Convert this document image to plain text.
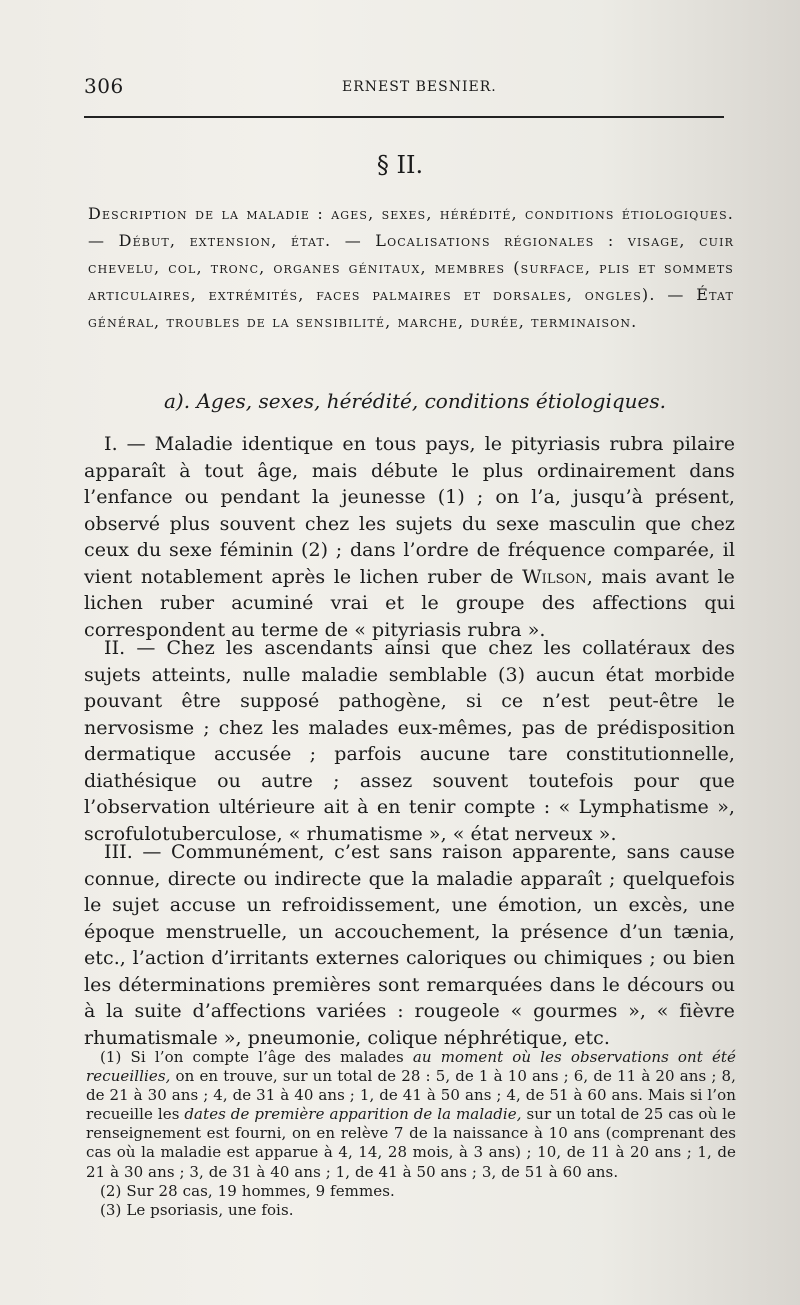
306	ERNEST BESNIER.
§ II.
Description de la maladie : ages, sexes, hérédité, conditions étiologiques. — Début, extension, état. — Localisations régionales : visage, cuir chevelu, col, tronc, organes génitaux, membres (surface, plis et sommets articulaires, extrémités, faces palmaires et dorsales, ongles). — État général, troubles de la sensibilité, marche, durée, terminaison.
a). Ages, sexes, hérédité, conditions étiologiques.
I. — Maladie identique en tous pays, le pityriasis rubra pilaire apparaît à tout âge, mais débute le plus ordinairement dans l’enfance ou pendant la jeunesse (1) ; on l’a, jusqu’à présent, observé plus souvent chez les sujets du sexe masculin que chez ceux du sexe féminin (2) ; dans l’ordre de fréquence comparée, il vient notablement après le lichen ruber de Wilson, mais avant le lichen ruber acuminé vrai et le groupe des affections qui correspondent au terme de « pityriasis rubra ».
II. — Chez les ascendants ainsi que chez les collatéraux des sujets atteints, nulle maladie semblable (3) aucun état morbide pouvant être supposé pathogène, si ce n’est peut-être le nervosisme ; chez les malades eux-mêmes, pas de prédisposition dermatique accusée ; parfois aucune tare constitutionnelle, diathésique ou autre ; assez souvent toutefois pour que l’observation ultérieure ait à en tenir compte : « Lymphatisme », scrofulotuberculose, « rhumatisme », « état nerveux ».
III. — Communément, c’est sans raison apparente, sans cause connue, directe ou indirecte que la maladie apparaît ; quelquefois le sujet accuse un refroidissement, une émotion, un excès, une époque menstruelle, un accouchement, la présence d’un tænia, etc., l’action d’irritants externes caloriques ou chimiques ; ou bien les déterminations premières sont remarquées dans le décours ou à la suite d’affections variées : rougeole « gourmes », « fièvre rhumatismale », pneumonie, colique néphrétique, etc.

(1) Si l’on compte l’âge des malades au moment où les observations ont été recueillies, on en trouve, sur un total de 28 : 5, de 1 à 10 ans ; 6, de 11 à 20 ans ; 8, de 21 à 30 ans ; 4, de 31 à 40 ans ; 1, de 41 à 50 ans ; 4, de 51 à 60 ans. Mais si l’on recueille les dates de première apparition de la maladie, sur un total de 25 cas où le renseignement est fourni, on en relève 7 de la naissance à 10 ans (comprenant des cas où la maladie est apparue à 4, 14, 28 mois, à 3 ans) ; 10, de 11 à 20 ans ; 1, de 21 à 30 ans ; 3, de 31 à 40 ans ; 1, de 41 à 50 ans ; 3, de 51 à 60 ans.

(2) Sur 28 cas, 19 hommes, 9 femmes.

(3) Le psoriasis, une fois.
